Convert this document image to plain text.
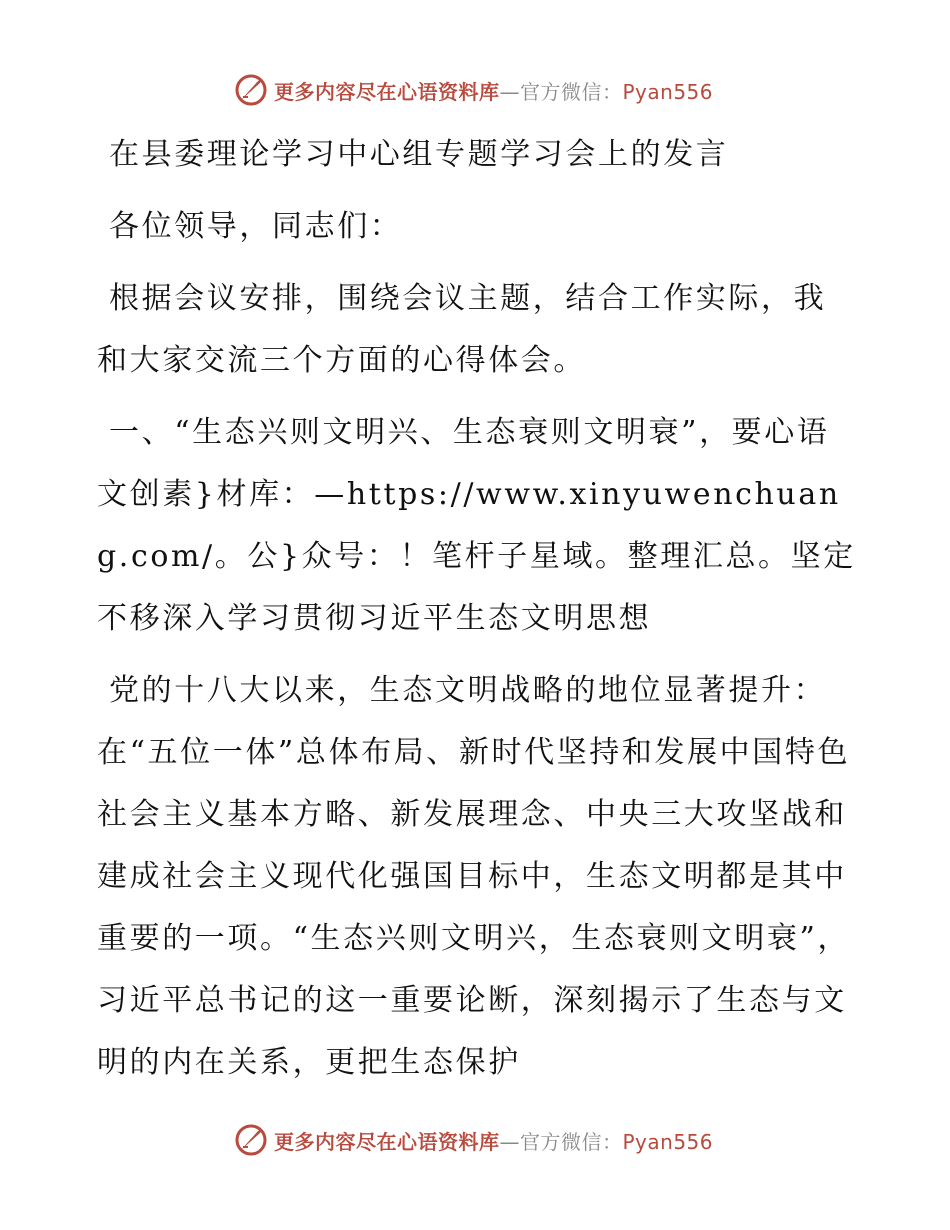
更多内容尽在心语资料库—官方微信：Pyan556

在县委理论学习中心组专题学习会上的发言

各位领导，同志们：

根据会议安排，围绕会议主题，结合工作实际，我和大家交流三个方面的心得体会。

一、“生态兴则文明兴、生态衰则文明衰”，要心语文创素}材库：—https://www.xinyuwenchuang.com/。公}众号：！笔杆子星域。整理汇总。坚定不移深入学习贯彻习近平生态文明思想

党的十八大以来，生态文明战略的地位显著提升：在“五位一体”总体布局、新时代坚持和发展中国特色社会主义基本方略、新发展理念、中央三大攻坚战和建成社会主义现代化强国目标中，生态文明都是其中重要的一项。“生态兴则文明兴，生态衰则文明衰”，习近平总书记的这一重要论断，深刻揭示了生态与文明的内在关系，更把生态保护

更多内容尽在心语资料库—官方微信：Pyan556
